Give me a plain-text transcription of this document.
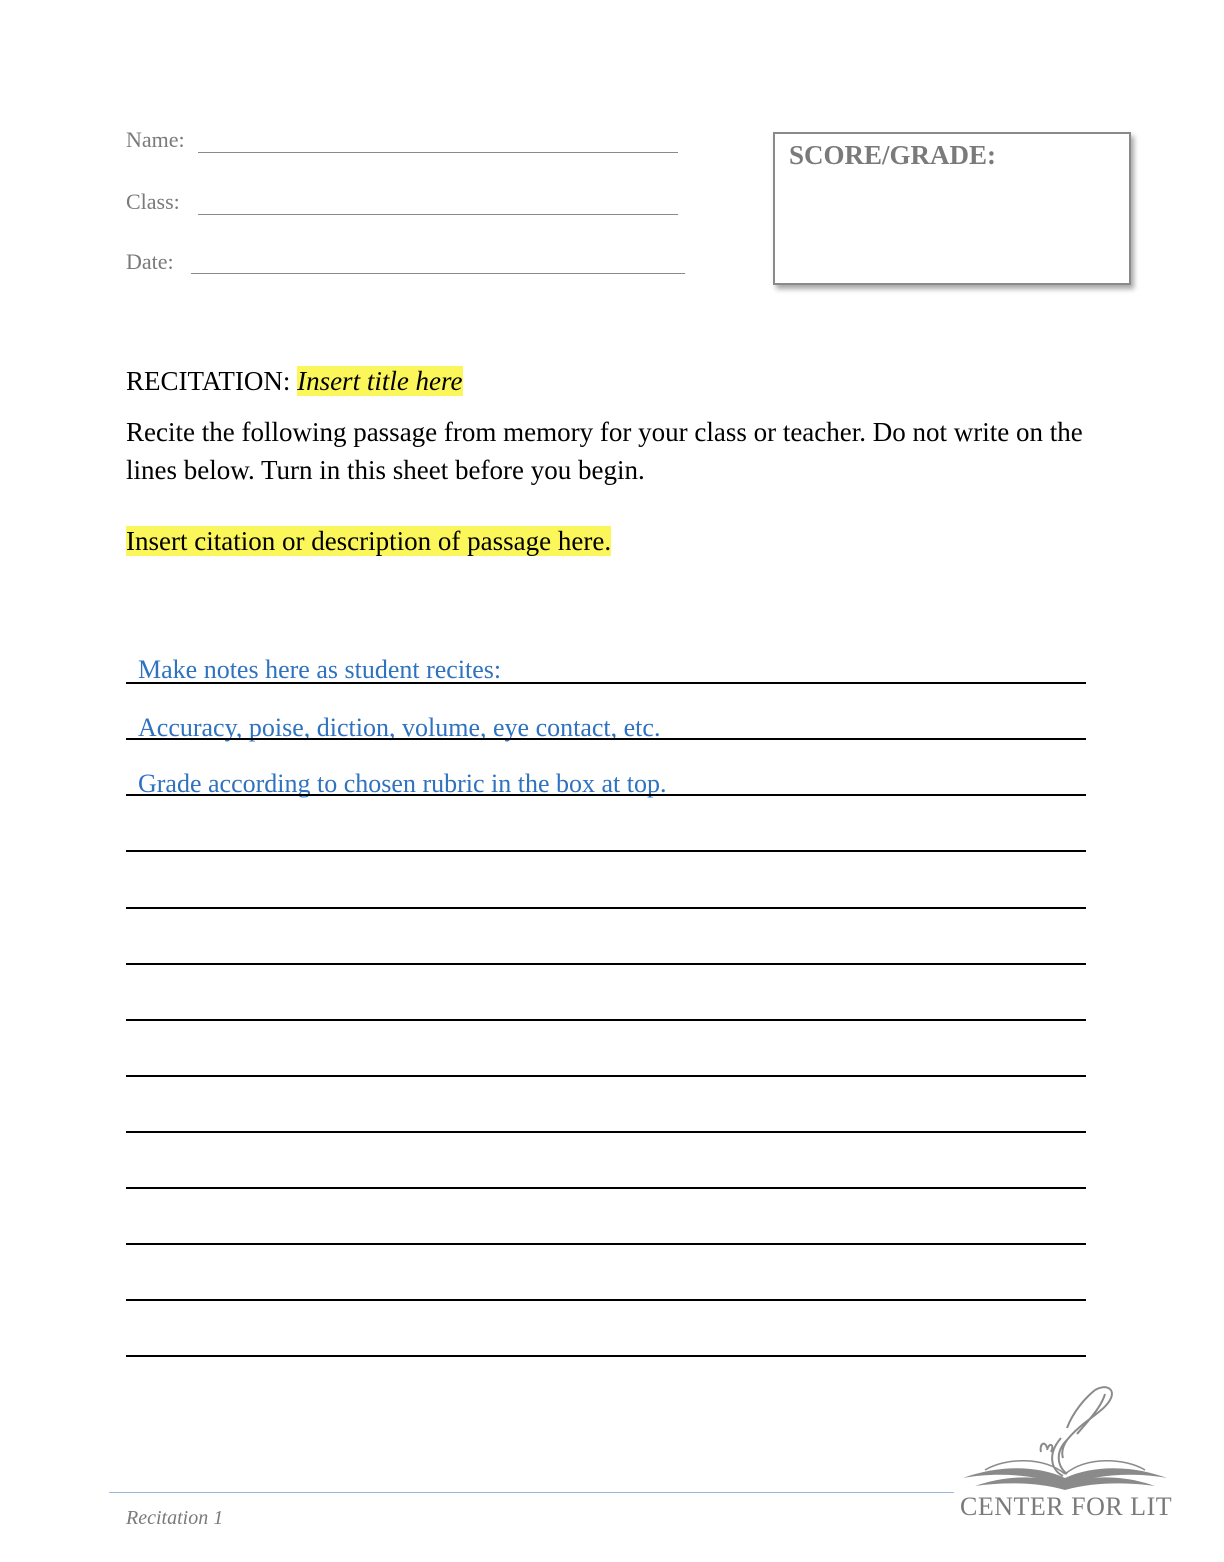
Name:
Class:
Date:
SCORE/GRADE:
RECITATION: Insert title here
Recite the following passage from memory for your class or teacher. Do not write on the lines below. Turn in this sheet before you begin.
Insert citation or description of passage here.
Make notes here as student recites:
Accuracy, poise, diction, volume, eye contact, etc.
Grade according to chosen rubric in the box at top.
Recitation 1	CENTER FOR LIT
